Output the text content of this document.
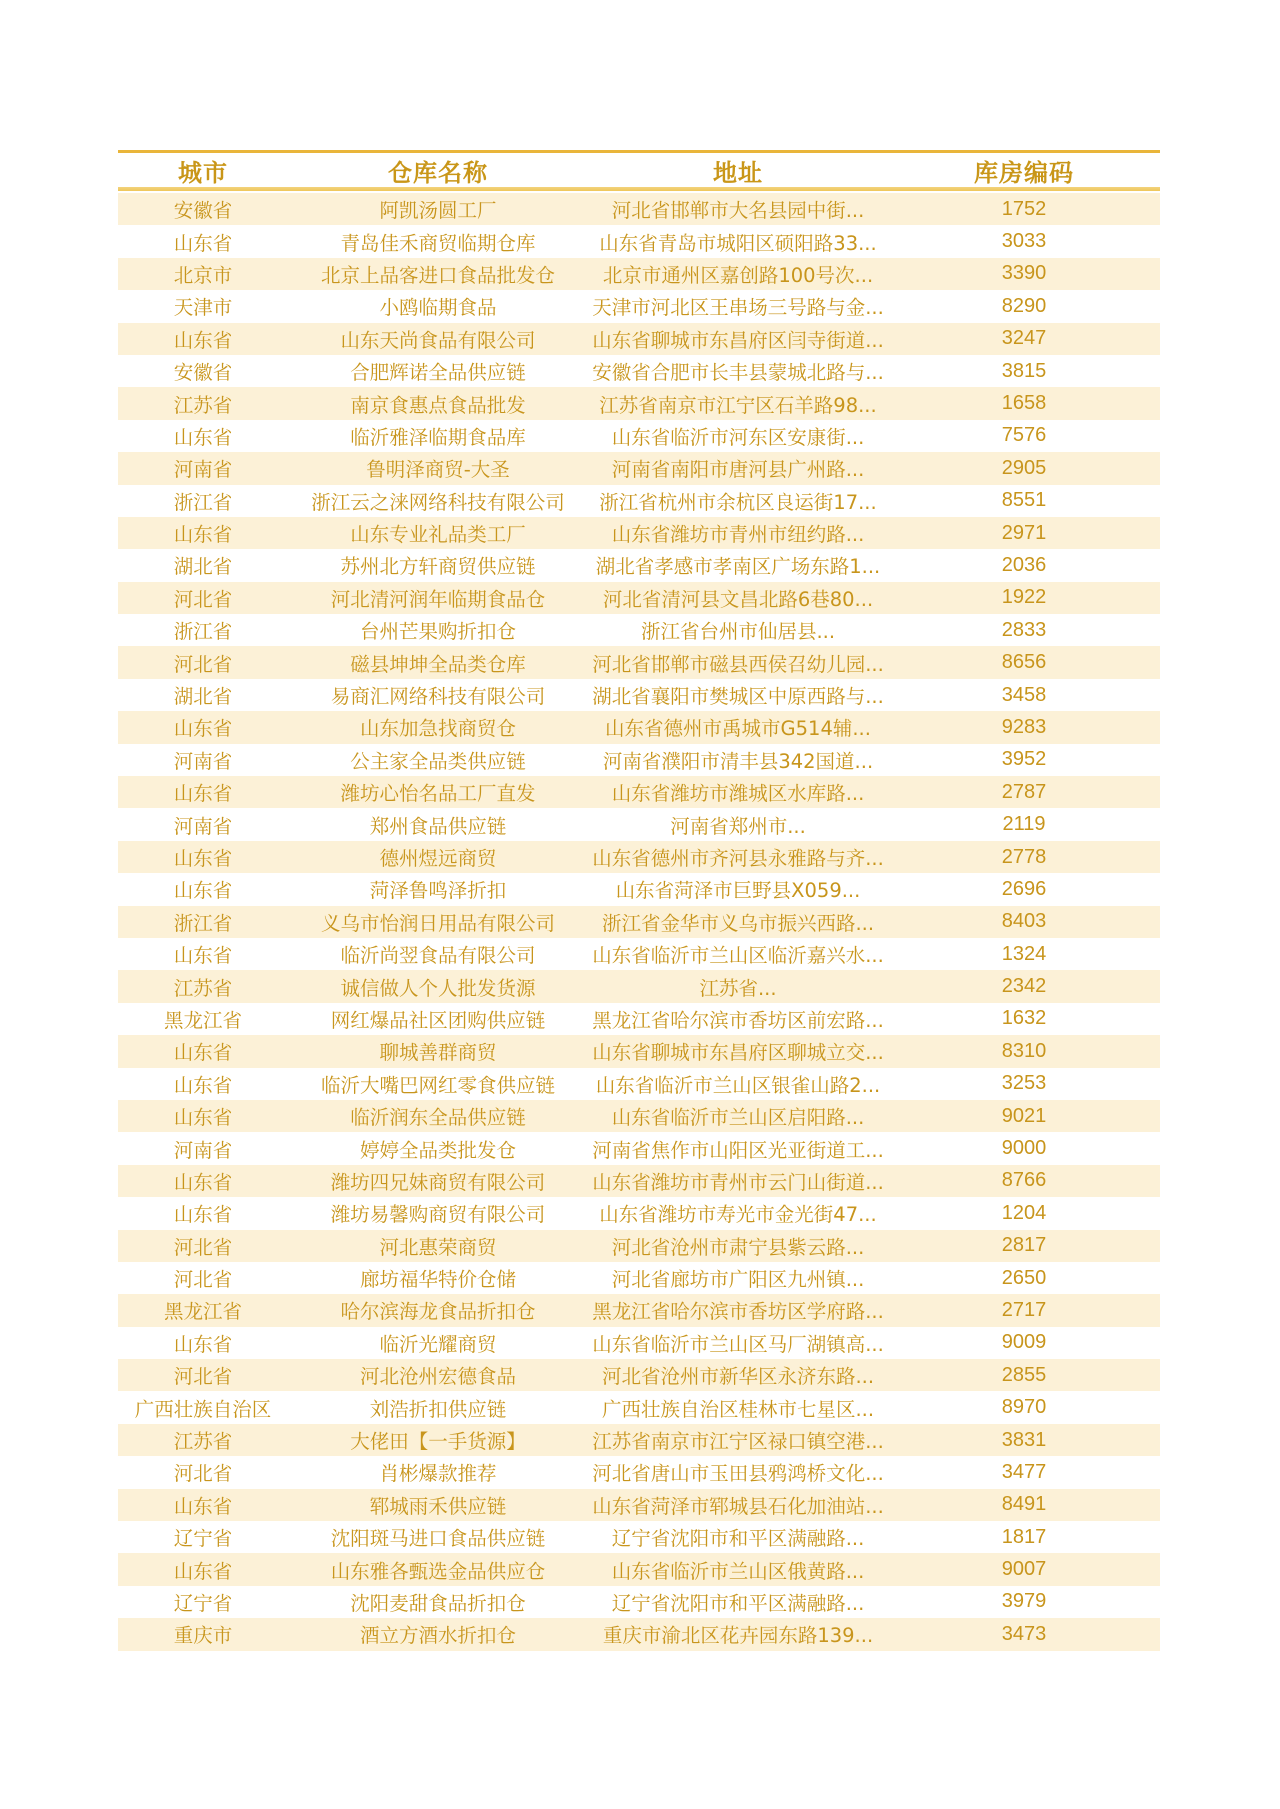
城市	仓库名称	地址	库房编码
安徽省	阿凯汤圆工厂	河北省邯郸市大名县园中街...	1752
山东省	青岛佳禾商贸临期仓库	山东省青岛市城阳区硕阳路33...	3033
北京市	北京上品客进口食品批发仓	北京市通州区嘉创路100号次...	3390
天津市	小鸥临期食品	天津市河北区王串场三号路与金...	8290
山东省	山东天尚食品有限公司	山东省聊城市东昌府区闫寺街道...	3247
安徽省	合肥辉诺全品供应链	安徽省合肥市长丰县蒙城北路与...	3815
江苏省	南京食惠点食品批发	江苏省南京市江宁区石羊路98...	1658
山东省	临沂雅泽临期食品库	山东省临沂市河东区安康街...	7576
河南省	鲁明泽商贸-大圣	河南省南阳市唐河县广州路...	2905
浙江省	浙江云之涞网络科技有限公司	浙江省杭州市余杭区良运街17...	8551
山东省	山东专业礼品类工厂	山东省潍坊市青州市纽约路...	2971
湖北省	苏州北方轩商贸供应链	湖北省孝感市孝南区广场东路1...	2036
河北省	河北清河润年临期食品仓	河北省清河县文昌北路6巷80...	1922
浙江省	台州芒果购折扣仓	浙江省台州市仙居县...	2833
河北省	磁县坤坤全品类仓库	河北省邯郸市磁县西侯召幼儿园...	8656
湖北省	易商汇网络科技有限公司	湖北省襄阳市樊城区中原西路与...	3458
山东省	山东加急找商贸仓	山东省德州市禹城市G514辅...	9283
河南省	公主家全品类供应链	河南省濮阳市清丰县342国道...	3952
山东省	潍坊心怡名品工厂直发	山东省潍坊市潍城区水库路...	2787
河南省	郑州食品供应链	河南省郑州市...	2119
山东省	德州煜远商贸	山东省德州市齐河县永雅路与齐...	2778
山东省	菏泽鲁鸣泽折扣	山东省菏泽市巨野县X059...	2696
浙江省	义乌市怡润日用品有限公司	浙江省金华市义乌市振兴西路...	8403
山东省	临沂尚翌食品有限公司	山东省临沂市兰山区临沂嘉兴水...	1324
江苏省	诚信做人个人批发货源	江苏省...	2342
黑龙江省	网红爆品社区团购供应链	黑龙江省哈尔滨市香坊区前宏路...	1632
山东省	聊城善群商贸	山东省聊城市东昌府区聊城立交...	8310
山东省	临沂大嘴巴网红零食供应链	山东省临沂市兰山区银雀山路2...	3253
山东省	临沂润东全品供应链	山东省临沂市兰山区启阳路...	9021
河南省	婷婷全品类批发仓	河南省焦作市山阳区光亚街道工...	9000
山东省	潍坊四兄妹商贸有限公司	山东省潍坊市青州市云门山街道...	8766
山东省	潍坊易馨购商贸有限公司	山东省潍坊市寿光市金光街47...	1204
河北省	河北惠荣商贸	河北省沧州市肃宁县紫云路...	2817
河北省	廊坊福华特价仓储	河北省廊坊市广阳区九州镇...	2650
黑龙江省	哈尔滨海龙食品折扣仓	黑龙江省哈尔滨市香坊区学府路...	2717
山东省	临沂光耀商贸	山东省临沂市兰山区马厂湖镇高...	9009
河北省	河北沧州宏德食品	河北省沧州市新华区永济东路...	2855
广西壮族自治区	刘浩折扣供应链	广西壮族自治区桂林市七星区...	8970
江苏省	大佬田【一手货源】	江苏省南京市江宁区禄口镇空港...	3831
河北省	肖彬爆款推荐	河北省唐山市玉田县鸦鸿桥文化...	3477
山东省	郓城雨禾供应链	山东省菏泽市郓城县石化加油站...	8491
辽宁省	沈阳斑马进口食品供应链	辽宁省沈阳市和平区满融路...	1817
山东省	山东雅各甄选金品供应仓	山东省临沂市兰山区俄黄路...	9007
辽宁省	沈阳麦甜食品折扣仓	辽宁省沈阳市和平区满融路...	3979
重庆市	酒立方酒水折扣仓	重庆市渝北区花卉园东路139...	3473
